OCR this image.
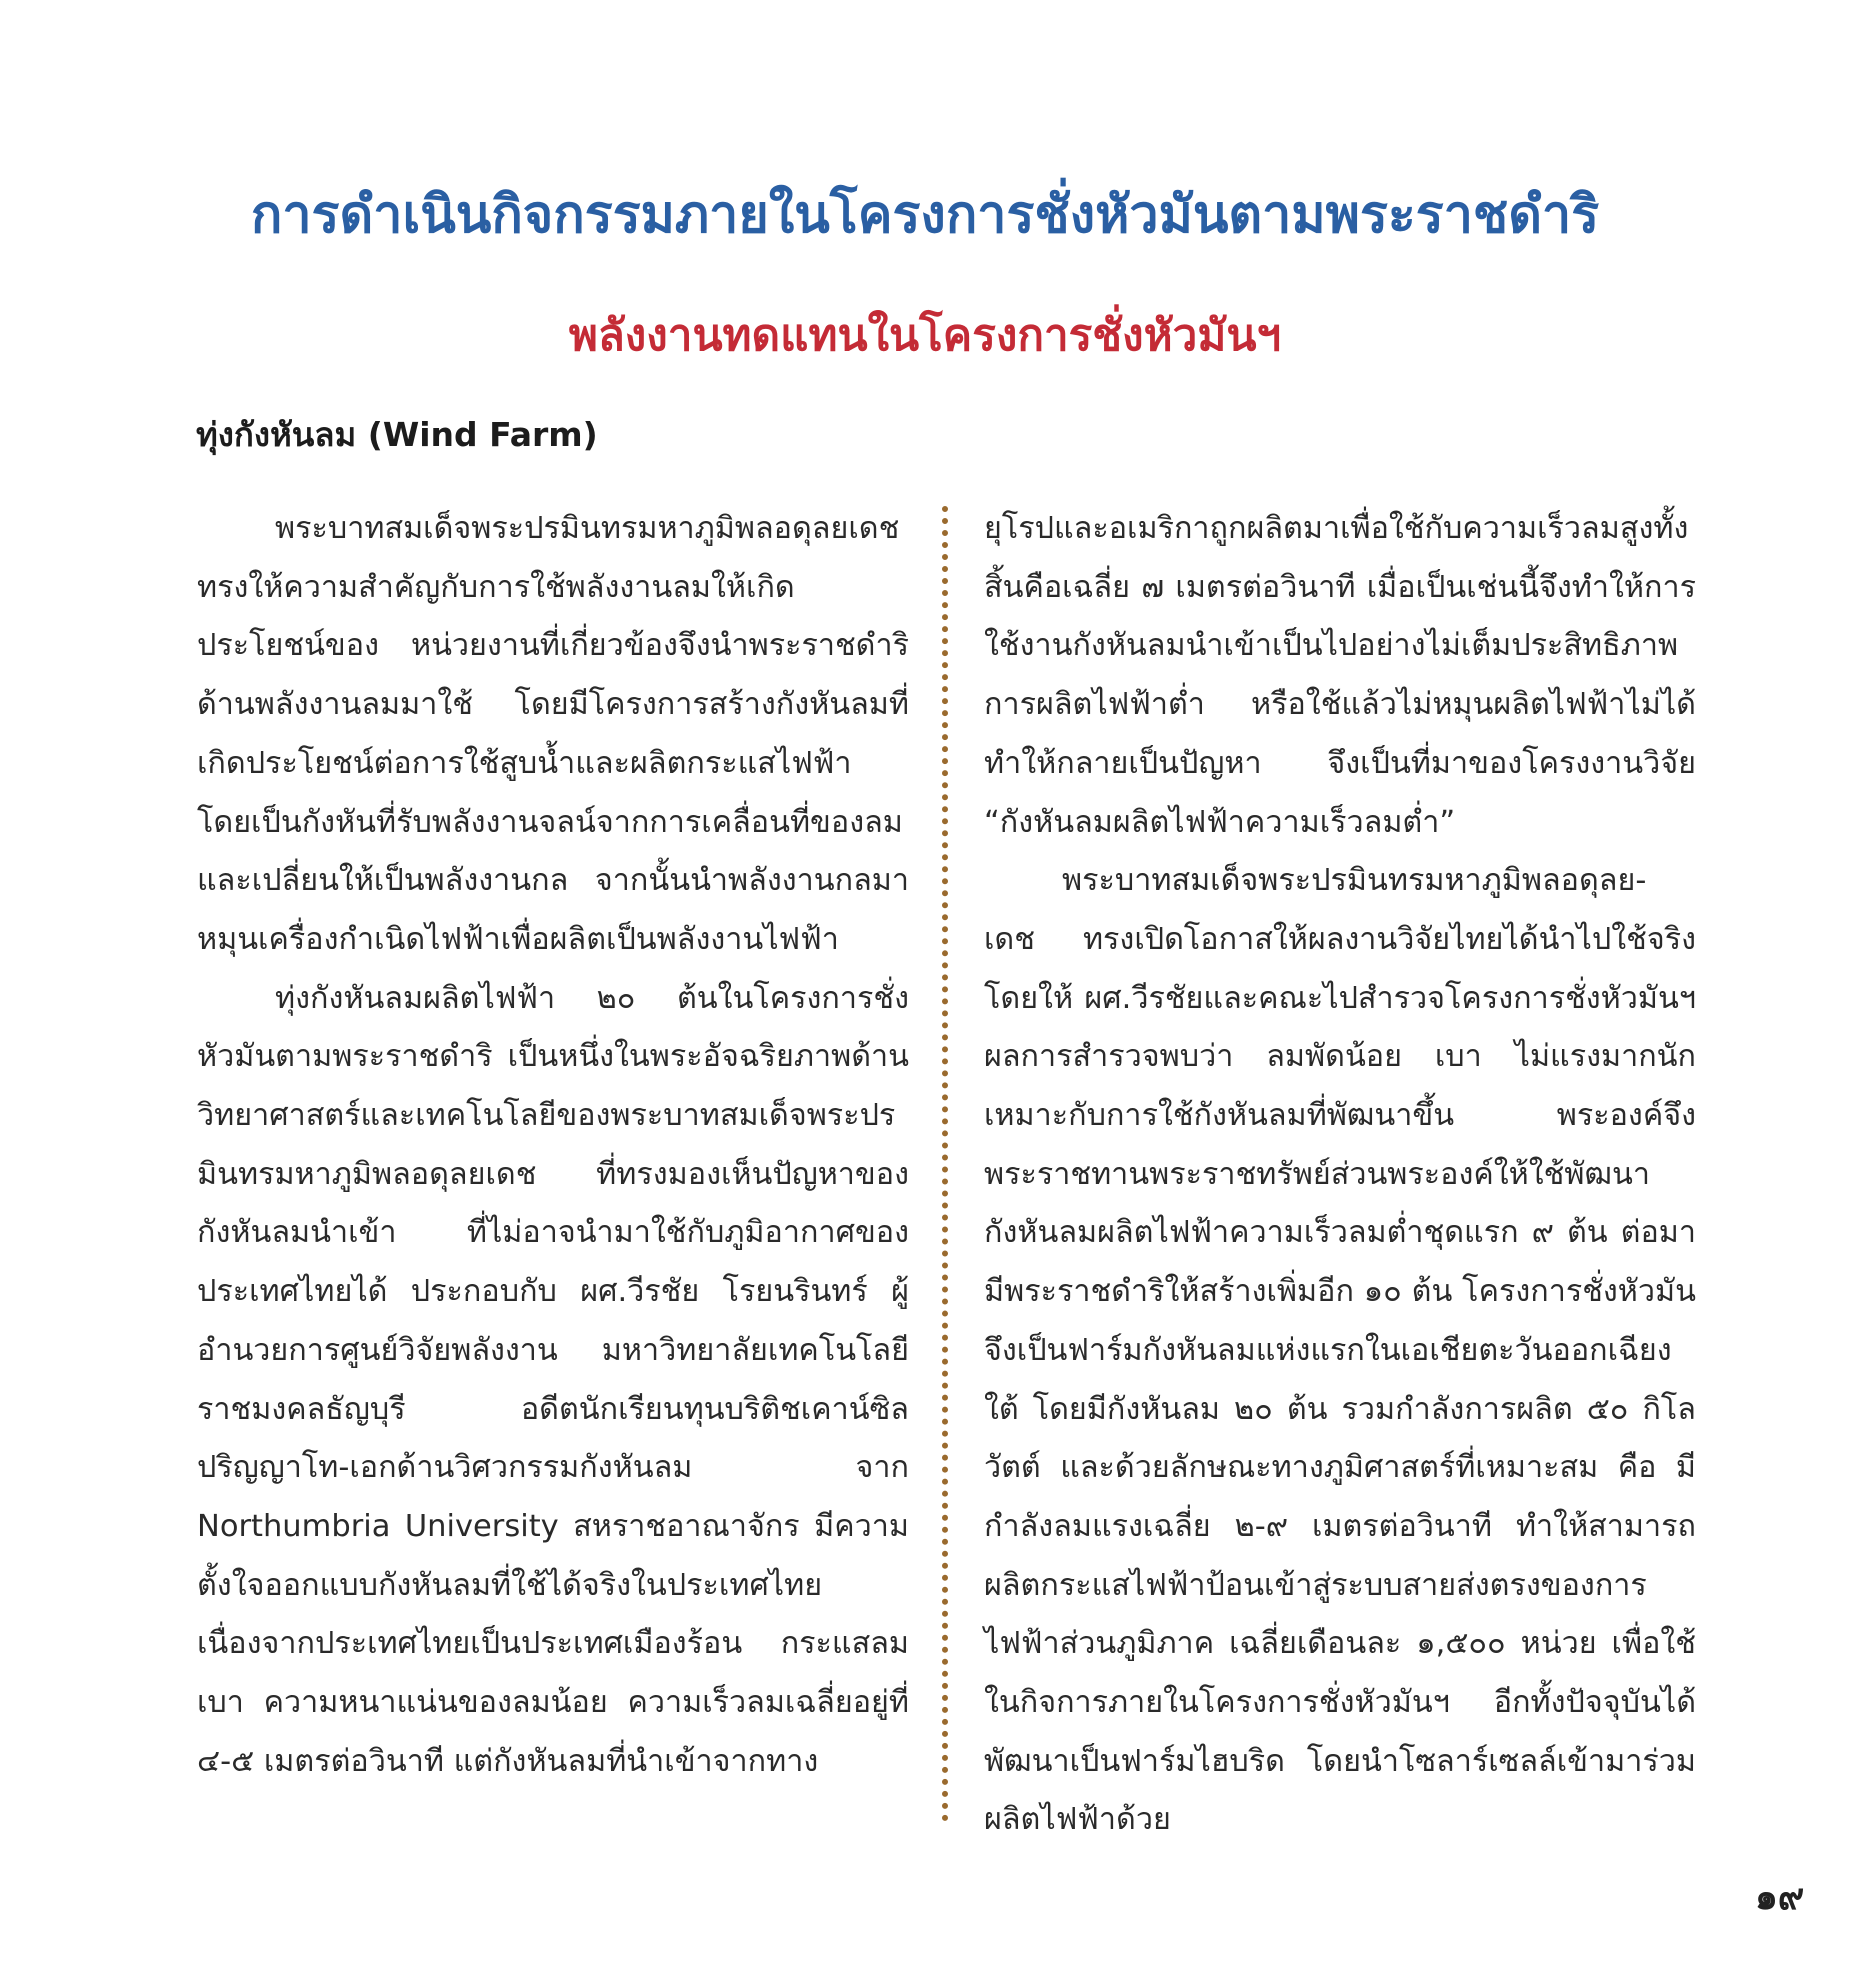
การดำเนินกิจกรรมภายในโครงการชั่งหัวมันตามพระราชดำริ
พลังงานทดแทนในโครงการชั่งหัวมันฯ
ทุ่งกังหันลม (Wind Farm)

พระบาทสมเด็จพระปรมินทรมหาภูมิพลอดุลยเดช ทรงให้ความสำคัญกับการใช้พลังงานลมให้เกิดประโยชน์ของ หน่วยงานที่เกี่ยวข้องจึงนำพระราชดำริด้านพลังงานลมมาใช้ โดยมีโครงการสร้างกังหันลมที่เกิดประโยชน์ต่อการใช้สูบน้ำและผลิตกระแสไฟฟ้า โดยเป็นกังหันที่รับพลังงานจลน์จากการเคลื่อนที่ของลมและเปลี่ยนให้เป็นพลังงานกล จากนั้นนำพลังงานกลมาหมุนเครื่องกำเนิดไฟฟ้าเพื่อผลิตเป็นพลังงานไฟฟ้า

ทุ่งกังหันลมผลิตไฟฟ้า ๒๐ ต้นในโครงการชั่งหัวมันตามพระราชดำริ เป็นหนึ่งในพระอัจฉริยภาพด้านวิทยาศาสตร์และเทคโนโลยีของพระบาทสมเด็จพระปรมินทรมหาภูมิพลอดุลยเดช ที่ทรงมองเห็นปัญหาของกังหันลมนำเข้า ที่ไม่อาจนำมาใช้กับภูมิอากาศของประเทศไทยได้ ประกอบกับ ผศ.วีรชัย โรยนรินทร์ ผู้อำนวยการศูนย์วิจัยพลังงาน มหาวิทยาลัยเทคโนโลยีราชมงคลธัญบุรี อดีตนักเรียนทุนบริติชเคาน์ซิล ปริญญาโท-เอกด้านวิศวกรรมกังหันลม จาก Northumbria University สหราชอาณาจักร มีความตั้งใจออกแบบกังหันลมที่ใช้ได้จริงในประเทศไทย เนื่องจากประเทศไทยเป็นประเทศเมืองร้อน กระแสลมเบา ความหนาแน่นของลมน้อย ความเร็วลมเฉลี่ยอยู่ที่ ๔-๕ เมตรต่อวินาที แต่กังหันลมที่นำเข้าจากทาง

ยุโรปและอเมริกาถูกผลิตมาเพื่อใช้กับความเร็วลมสูงทั้งสิ้นคือเฉลี่ย ๗ เมตรต่อวินาที เมื่อเป็นเช่นนี้จึงทำให้การใช้งานกังหันลมนำเข้าเป็นไปอย่างไม่เต็มประสิทธิภาพ การผลิตไฟฟ้าต่ำ หรือใช้แล้วไม่หมุนผลิตไฟฟ้าไม่ได้ ทำให้กลายเป็นปัญหา จึงเป็นที่มาของโครงงานวิจัย “กังหันลมผลิตไฟฟ้าความเร็วลมต่ำ”

พระบาทสมเด็จพระปรมินทรมหาภูมิพลอดุลย-เดช ทรงเปิดโอกาสให้ผลงานวิจัยไทยได้นำไปใช้จริง โดยให้ ผศ.วีรชัยและคณะไปสำรวจโครงการชั่งหัวมันฯ ผลการสำรวจพบว่า ลมพัดน้อย เบา ไม่แรงมากนัก เหมาะกับการใช้กังหันลมที่พัฒนาขึ้น พระองค์จึงพระราชทานพระราชทรัพย์ส่วนพระองค์ให้ใช้พัฒนากังหันลมผลิตไฟฟ้าความเร็วลมต่ำชุดแรก ๙ ต้น ต่อมามีพระราชดำริให้สร้างเพิ่มอีก ๑๐ ต้น โครงการชั่งหัวมันจึงเป็นฟาร์มกังหันลมแห่งแรกในเอเชียตะวันออกเฉียงใต้ โดยมีกังหันลม ๒๐ ต้น รวมกำลังการผลิต ๕๐ กิโลวัตต์ และด้วยลักษณะทางภูมิศาสตร์ที่เหมาะสม คือ มีกำลังลมแรงเฉลี่ย ๒-๙ เมตรต่อวินาที ทำให้สามารถผลิตกระแสไฟฟ้าป้อนเข้าสู่ระบบสายส่งตรงของการไฟฟ้าส่วนภูมิภาค เฉลี่ยเดือนละ ๑,๕๐๐ หน่วย เพื่อใช้ในกิจการภายในโครงการชั่งหัวมันฯ อีกทั้งปัจจุบันได้พัฒนาเป็นฟาร์มไฮบริด โดยนำโซลาร์เซลล์เข้ามาร่วมผลิตไฟฟ้าด้วย

๑๙
